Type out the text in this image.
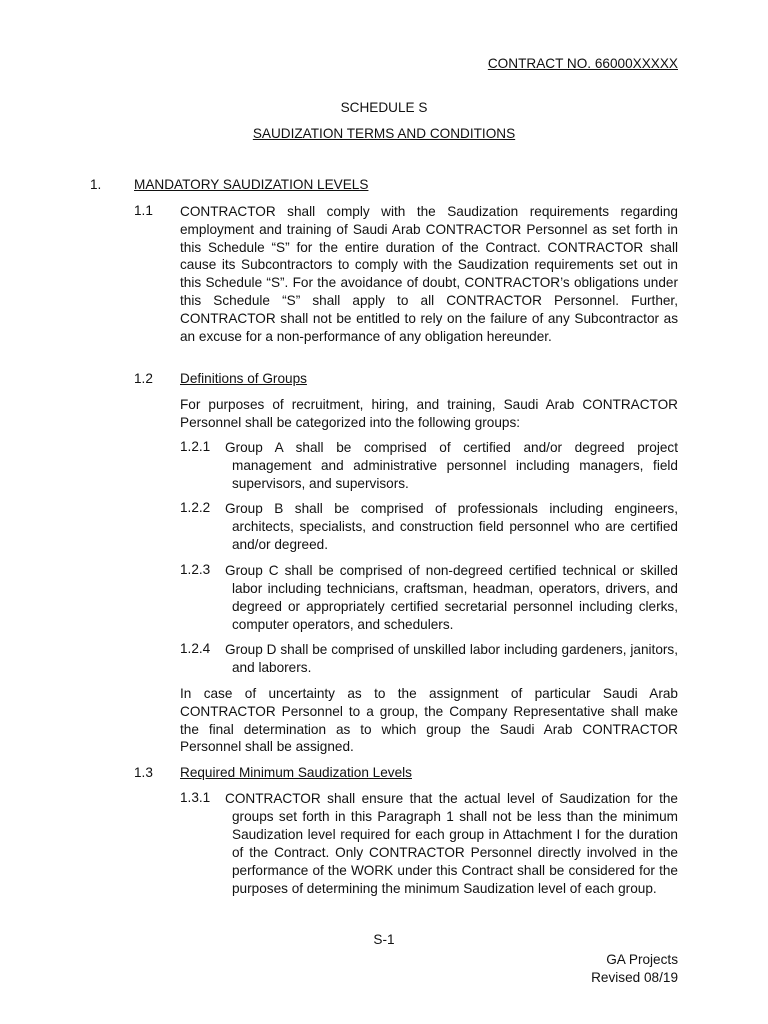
CONTRACT NO. 66000XXXXX
SCHEDULE S
SAUDIZATION TERMS AND CONDITIONS
1. MANDATORY SAUDIZATION LEVELS
1.1 CONTRACTOR shall comply with the Saudization requirements regarding employment and training of Saudi Arab CONTRACTOR Personnel as set forth in this Schedule “S” for the entire duration of the Contract. CONTRACTOR shall cause its Subcontractors to comply with the Saudization requirements set out in this Schedule “S”. For the avoidance of doubt, CONTRACTOR’s obligations under this Schedule “S” shall apply to all CONTRACTOR Personnel. Further, CONTRACTOR shall not be entitled to rely on the failure of any Subcontractor as an excuse for a non-performance of any obligation hereunder.
1.2 Definitions of Groups
For purposes of recruitment, hiring, and training, Saudi Arab CONTRACTOR Personnel shall be categorized into the following groups:
1.2.1 Group A shall be comprised of certified and/or degreed project management and administrative personnel including managers, field supervisors, and supervisors.
1.2.2 Group B shall be comprised of professionals including engineers, architects, specialists, and construction field personnel who are certified and/or degreed.
1.2.3 Group C shall be comprised of non-degreed certified technical or skilled labor including technicians, craftsman, headman, operators, drivers, and degreed or appropriately certified secretarial personnel including clerks, computer operators, and schedulers.
1.2.4 Group D shall be comprised of unskilled labor including gardeners, janitors, and laborers.
In case of uncertainty as to the assignment of particular Saudi Arab CONTRACTOR Personnel to a group, the Company Representative shall make the final determination as to which group the Saudi Arab CONTRACTOR Personnel shall be assigned.
1.3 Required Minimum Saudization Levels
1.3.1 CONTRACTOR shall ensure that the actual level of Saudization for the groups set forth in this Paragraph 1 shall not be less than the minimum Saudization level required for each group in Attachment I for the duration of the Contract. Only CONTRACTOR Personnel directly involved in the performance of the WORK under this Contract shall be considered for the purposes of determining the minimum Saudization level of each group.
S-1
GA Projects
Revised 08/19
